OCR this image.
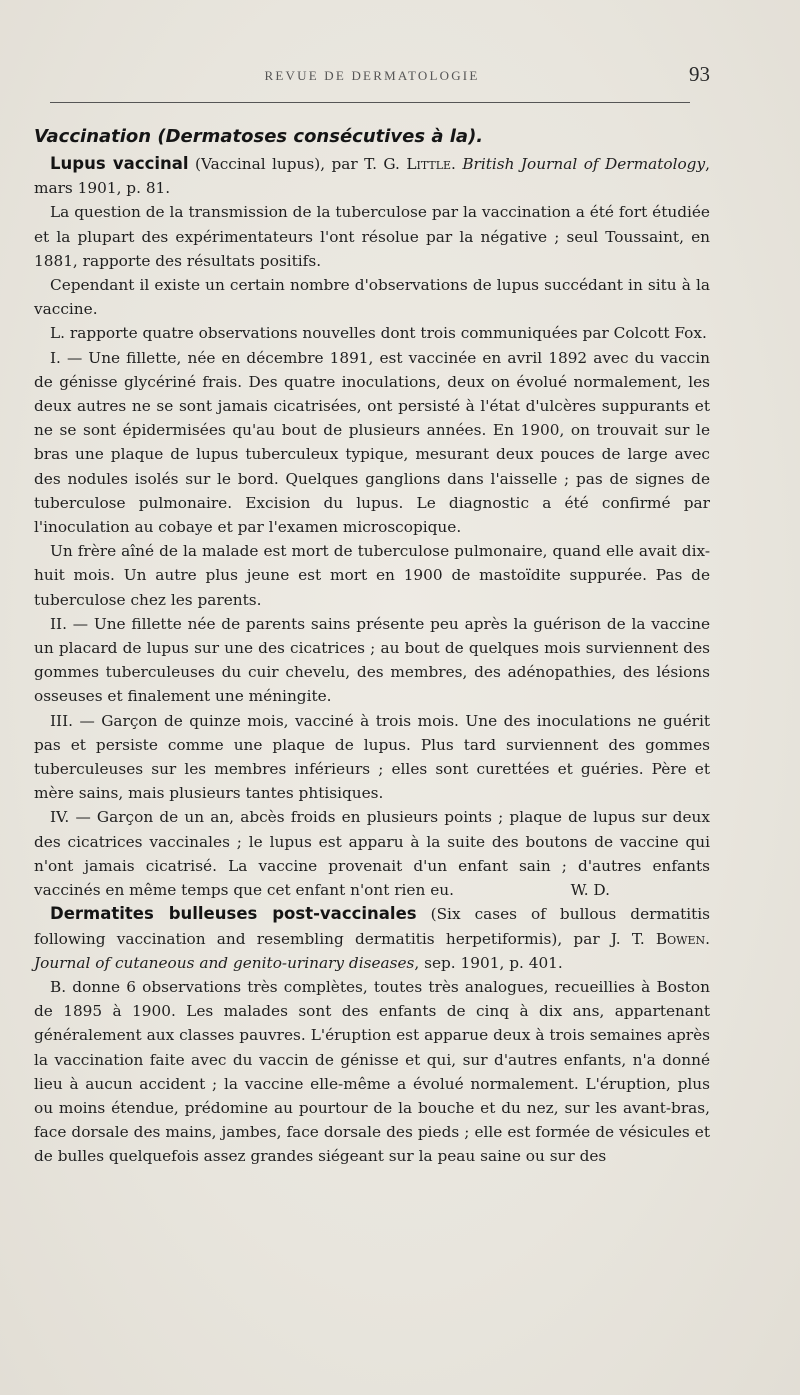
REVUE DE DERMATOLOGIE	93
Vaccination (Dermatoses consécutives à la).

Lupus vaccinal (Vaccinal lupus), par T. G. Little. British Journal of Dermatology, mars 1901, p. 81.

La question de la transmission de la tuberculose par la vaccination a été fort étudiée et la plupart des expérimentateurs l'ont résolue par la négative ; seul Toussaint, en 1881, rapporte des résultats positifs.

Cependant il existe un certain nombre d'observations de lupus succédant in situ à la vaccine.

L. rapporte quatre observations nouvelles dont trois communiquées par Colcott Fox.

I. — Une fillette, née en décembre 1891, est vaccinée en avril 1892 avec du vaccin de génisse glycériné frais. Des quatre inoculations, deux on évolué normalement, les deux autres ne se sont jamais cicatrisées, ont persisté à l'état d'ulcères suppurants et ne se sont épidermisées qu'au bout de plusieurs années. En 1900, on trouvait sur le bras une plaque de lupus tuberculeux typique, mesurant deux pouces de large avec des nodules isolés sur le bord. Quelques ganglions dans l'aisselle ; pas de signes de tuberculose pulmonaire. Excision du lupus. Le diagnostic a été confirmé par l'inoculation au cobaye et par l'examen microscopique.

Un frère aîné de la malade est mort de tuberculose pulmonaire, quand elle avait dix-huit mois. Un autre plus jeune est mort en 1900 de mastoïdite suppurée. Pas de tuberculose chez les parents.

II. — Une fillette née de parents sains présente peu après la guérison de la vaccine un placard de lupus sur une des cicatrices ; au bout de quelques mois surviennent des gommes tuberculeuses du cuir chevelu, des membres, des adénopathies, des lésions osseuses et finalement une méningite.

III. — Garçon de quinze mois, vacciné à trois mois. Une des inoculations ne guérit pas et persiste comme une plaque de lupus. Plus tard surviennent des gommes tuberculeuses sur les membres inférieurs ; elles sont curettées et guéries. Père et mère sains, mais plusieurs tantes phtisiques.

IV. — Garçon de un an, abcès froids en plusieurs points ; plaque de lupus sur deux des cicatrices vaccinales ; le lupus est apparu à la suite des boutons de vaccine qui n'ont jamais cicatrisé. La vaccine provenait d'un enfant sain ; d'autres enfants vaccinés en même temps que cet enfant n'ont rien eu.	W. D.

Dermatites bulleuses post-vaccinales (Six cases of bullous dermatitis following vaccination and resembling dermatitis herpetiformis), par J. T. Bowen. Journal of cutaneous and genito-urinary diseases, sep. 1901, p. 401.

B. donne 6 observations très complètes, toutes très analogues, recueillies à Boston de 1895 à 1900. Les malades sont des enfants de cinq à dix ans, appartenant généralement aux classes pauvres. L'éruption est apparue deux à trois semaines après la vaccination faite avec du vaccin de génisse et qui, sur d'autres enfants, n'a donné lieu à aucun accident ; la vaccine elle-même a évolué normalement. L'éruption, plus ou moins étendue, prédomine au pourtour de la bouche et du nez, sur les avant-bras, face dorsale des mains, jambes, face dorsale des pieds ; elle est formée de vésicules et de bulles quelquefois assez grandes siégeant sur la peau saine ou sur des
